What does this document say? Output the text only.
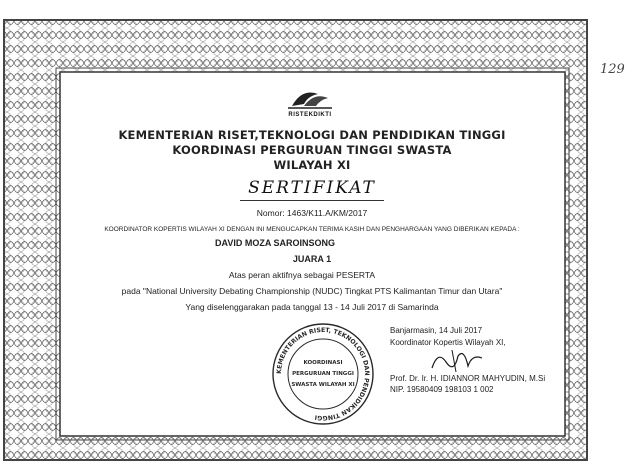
129
RISTEKDIKTI
KEMENTERIAN RISET,TEKNOLOGI DAN PENDIDIKAN TINGGI
KOORDINASI PERGURUAN TINGGI SWASTA
WILAYAH XI
SERTIFIKAT
Nomor: 1463/K11.A/KM/2017
KOORDINATOR KOPERTIS WILAYAH XI DENGAN INI MENGUCAPKAN TERIMA KASIH DAN PENGHARGAAN YANG DIBERIKAN KEPADA :
DAVID MOZA SAROINSONG
JUARA 1
Atas peran aktifnya sebagai PESERTA
pada "National University Debating Championship (NUDC) Tingkat PTS Kalimantan Timur dan Utara"
Yang diselenggarakan pada tanggal 13 - 14 Juli 2017 di Samarinda
KEMENTERIAN RISET, TEKNOLOGI DAN PENDIDIKAN TINGGI
KOORDINASI
PERGURUAN TINGGI
SWASTA WILAYAH XI
Banjarmasin, 14 Juli 2017
Koordinator Kopertis Wilayah XI,
Prof. Dr. Ir. H. IDIANNOR MAHYUDIN, M.Si
NIP. 19580409 198103 1 002
